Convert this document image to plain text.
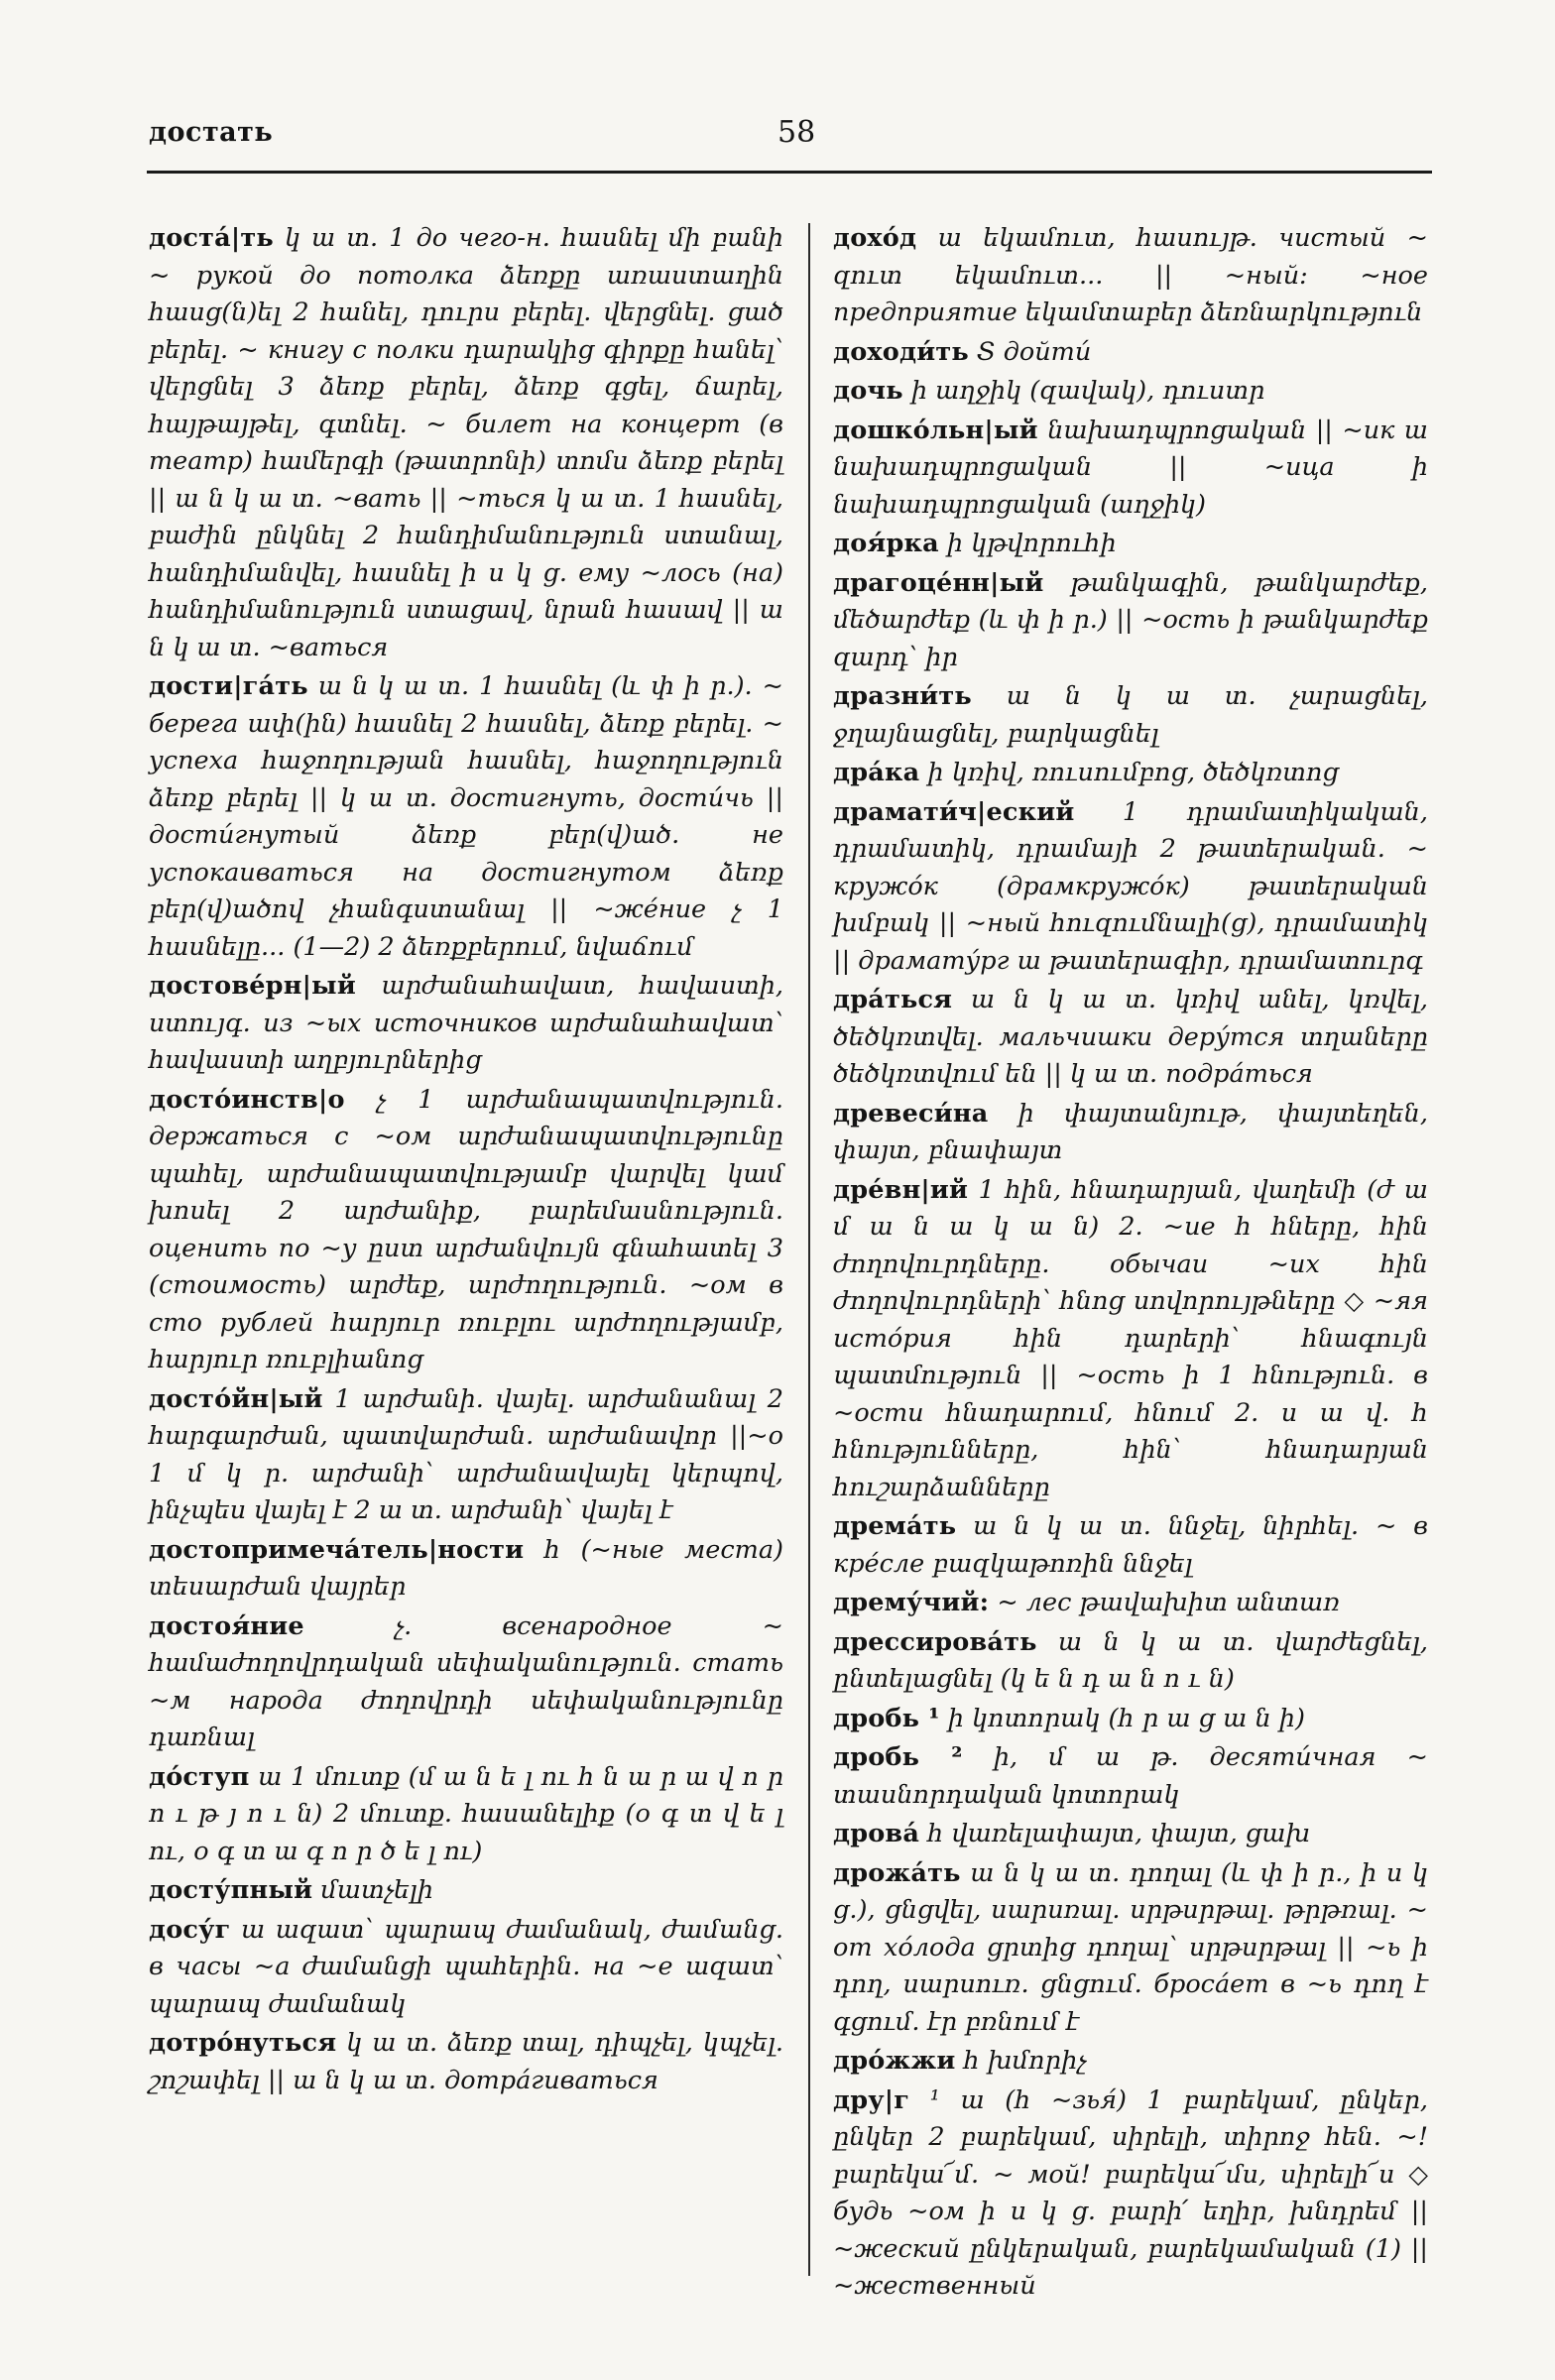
достать	58

доста́|ть կ ա տ. 1 до чего-н. հասնել մի բանի ~ рукой до потолка ձեռքը առաստաղին հասց(ն)ել 2 հանել, դուրս բերել. վերցնել. ցած բերել. ~ книгу с полки դարակից գիրքը հանել՝ վերցնել 3 ձեռք բերել, ձեռք գցել, ճարել, հայթայթել, գտնել. ~ билет на концерт (в театр) համերգի (թատրոնի) տոմս ձեռք բերել || ա ն կ ա տ. ~вать || ~ться կ ա տ. 1 հասնել, բաժին ընկնել 2 հանդիմանություն ստանալ, հանդիմանվել, հասնել ի ս կ ց. ему ~лось (на) հանդիմանություն ստացավ, նրան հասավ || ա ն կ ա տ. ~ваться

дости|га́ть ա ն կ ա տ. 1 հասնել (և փ ի ր.). ~ берега ափ(ին) հասնել 2 հասնել, ձեռք բերել. ~ успеха հաջողության հասնել, հաջողություն ձեռք բերել || կ ա տ. достигнуть, дости́чь || дости́гнутый ձեռք բեր(վ)ած. не успокаиваться на достигнутом ձեռք բեր(վ)ածով չհանգստանալ || ~же́ние չ 1 հասնելը... (1—2) 2 ձեռքբերում, նվաճում

достове́рн|ый արժանահավատ, հավաստի, ստույգ. из ~ых источников արժանահավատ՝ հավաստի աղբյուրներից

досто́инств|о չ 1 արժանապատվություն. держаться с ~ом արժանապատվությունը պահել, արժանապատվությամբ վարվել կամ խոսել 2 արժանիք, բարեմասնություն. оценить по ~у ըստ արժանվույն գնահատել 3 (стоимость) արժեք, արժողություն. ~ом в сто рублей հարյուր ռուբլու արժողությամբ, հարյուր ռուբլիանոց

досто́йн|ый 1 արժանի. վայել. արժանանալ 2 հարգարժան, պատվարժան. արժանավոր ||~о 1 մ կ ր. արժանի՝ արժանավայել կերպով, ինչպես վայել է 2 ա տ. արժանի՝ վայել է

достопримеча́тель|ности հ (~ные места) տեսարժան վայրեր

достоя́ние չ. всенародное ~ համաժողովրդական սեփականություն. стать ~м народа ժողովրդի սեփականությունը դառնալ

до́ступ ա 1 մուտք (մ ա ն ե լ ու հ ն ա ր ա վ ո ր ո ւ թ յ ո ւ ն) 2 մուտք. հասանելիք (օ գ տ վ ե լ ու, օ գ տ ա գ ո ր ծ ե լ ու)

досту́пный մատչելի

досу́г ա ազատ՝ պարապ ժամանակ, ժամանց. в часы ~а ժամանցի պահերին. на ~е ազատ՝ պարապ ժամանակ

дотро́нуться կ ա տ. ձեռք տալ, դիպչել, կպչել. շոշափել || ա ն կ ա տ. дотра́гиваться

дохо́д ա եկամուտ, հասույթ. чистый ~ զուտ եկամուտ... || ~ный: ~ное предприятие եկամտաբեր ձեռնարկություն

доходи́ть Տ дойти́

дочь ի աղջիկ (զավակ), դուստր

дошко́льн|ый նախադպրոցական || ~ик ա նախադպրոցական || ~ица ի նախադպրոցական (աղջիկ)

доя́рка ի կթվորուհի

драгоце́нн|ый թանկագին, թանկարժեք, մեծարժեք (և փ ի ր.) || ~ость ի թանկարժեք զարդ՝ իր

дразни́ть ա ն կ ա տ. չարացնել, ջղայնացնել, բարկացնել

дра́ка ի կռիվ, ռուսումբոց, ծեծկռտոց

драмати́ч|еский 1 դրամատիկական, դրամատիկ, դրամայի 2 թատերական. ~ кружо́к (драмкружо́к) թատերական խմբակ || ~ный հուզումնալի(ց), դրամատիկ || драмату́рг ա թատերագիր, դրամատուրգ

дра́ться ա ն կ ա տ. կռիվ անել, կռվել, ծեծկռտվել. мальчишки деру́тся տղաները ծեծկռտվում են || կ ա տ. подра́ться

древеси́на ի փայտանյութ, փայտեղեն, փայտ, բնափայտ

дре́вн|ий 1 հին, հնադարյան, վաղեմի (ժ ա մ ա ն ա կ ա ն) 2. ~ие հ հները, հին ժողովուրդները. обычаи ~их հին ժողովուրդների՝ հնոց սովորույթները ◇ ~яя исто́рия հին դարերի՝ հնագույն պատմություն || ~ость ի 1 հնություն. в ~ости հնադարում, հնում 2. ս ա վ. հ հնությունները, հին՝ հնադարյան հուշարձանները

дрема́ть ա ն կ ա տ. ննջել, նիրհել. ~ в кре́сле բազկաթոռին ննջել

дрему́чий: ~ лес թավախիտ անտառ

дрессирова́ть ա ն կ ա տ. վարժեցնել, ընտելացնել (կ ե ն դ ա ն ո ւ ն)

дробь ¹ ի կոտորակ (հ ր ա ց ա ն ի)

дробь ² ի, մ ա թ. десяти́чная ~ տասնորդական կոտորակ

дрова́ հ վառելափայտ, փայտ, ցախ

дрожа́ть ա ն կ ա տ. դողալ (և փ ի ր., ի ս կ ց.), ցնցվել, սարսռալ. սրթսրթալ. թրթռալ. ~ от хо́лода ցրտից դողալ՝ սրթսրթալ || ~ь ի դող, սարսուռ. ցնցում. броса́ет в ~ь դող է գցում. էր բռնում է

дро́жжи հ խմորիչ

дру|г ¹ ա (հ ~зья́) 1 բարեկամ, ընկեր, ընկեր 2 բարեկամ, սիրելի, տիրոջ հեն. ~! բարեկա՜մ. ~ мой! բարեկա՜մս, սիրելի՜ս ◇ будь ~ом ի ս կ ց. բարի՛ եղիր, խնդրեմ || ~жеский ընկերական, բարեկամական (1) || ~жественный
